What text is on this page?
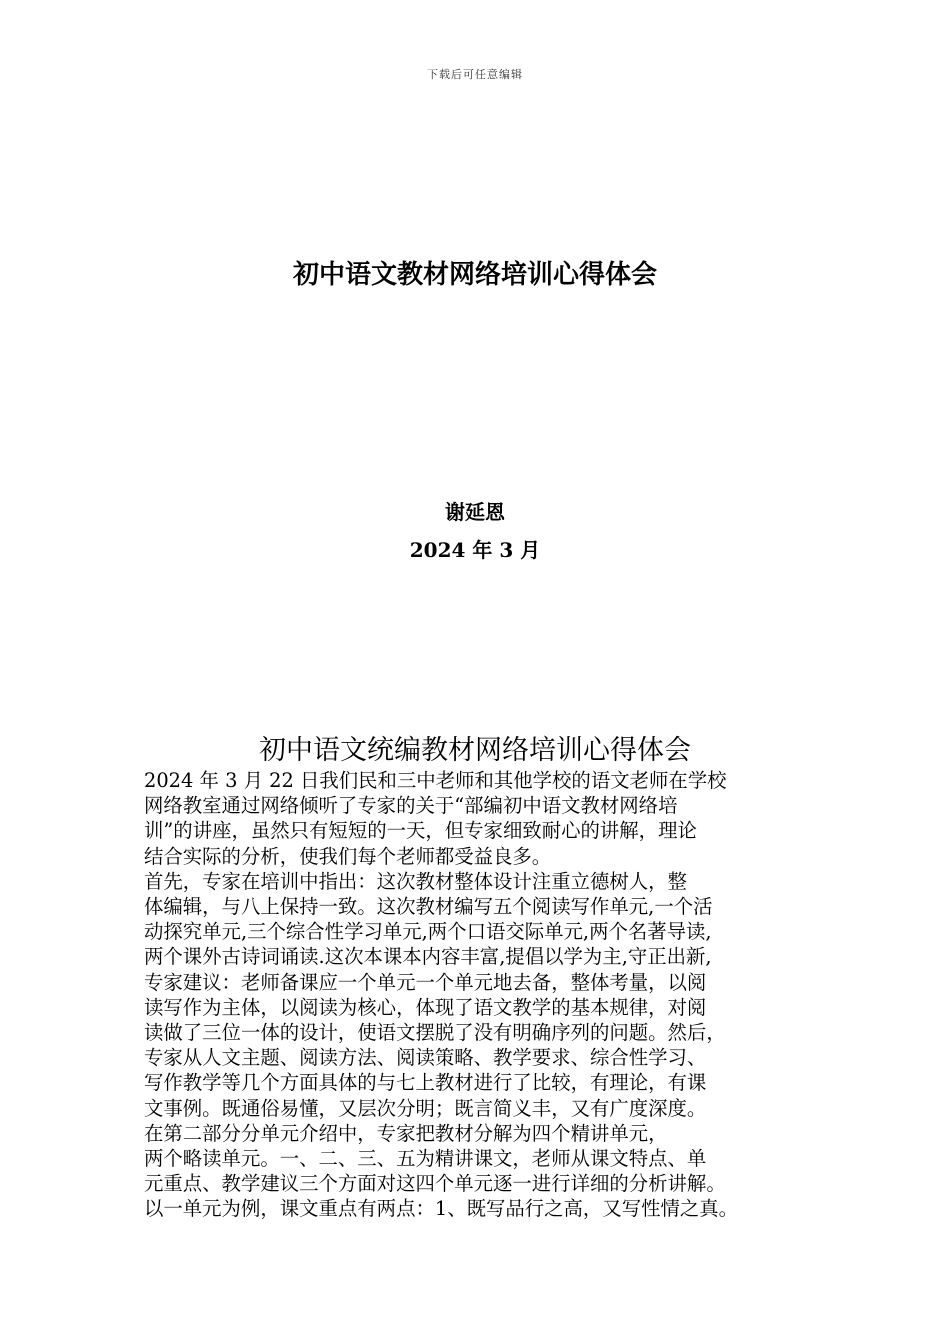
下载后可任意编辑
初中语文教材网络培训心得体会
谢延恩
2024 年 3 月
初中语文统编教材网络培训心得体会
2024 年 3 月 22 日我们民和三中老师和其他学校的语文老师在学校
网络教室通过网络倾听了专家的关于“部编初中语文教材网络培
训”的讲座，虽然只有短短的一天，但专家细致耐心的讲解，理论
结合实际的分析，使我们每个老师都受益良多。
首先，专家在培训中指出：这次教材整体设计注重立德树人，整
体编辑，与八上保持一致。这次教材编写五个阅读写作单元,一个活
动探究单元,三个综合性学习单元,两个口语交际单元,两个名著导读,
两个课外古诗词诵读.这次本课本内容丰富,提倡以学为主,守正出新,
专家建议：老师备课应一个单元一个单元地去备，整体考量，以阅
读写作为主体，以阅读为核心，体现了语文教学的基本规律，对阅
读做了三位一体的设计，使语文摆脱了没有明确序列的问题。然后，
专家从人文主题、阅读方法、阅读策略、教学要求、综合性学习、
写作教学等几个方面具体的与七上教材进行了比较，有理论，有课
文事例。既通俗易懂，又层次分明；既言简义丰，又有广度深度。
在第二部分分单元介绍中，专家把教材分解为四个精讲单元，
两个略读单元。一、二、三、五为精讲课文，老师从课文特点、单
元重点、教学建议三个方面对这四个单元逐一进行详细的分析讲解。
以一单元为例，课文重点有两点：1、既写品行之高，又写性情之真。
